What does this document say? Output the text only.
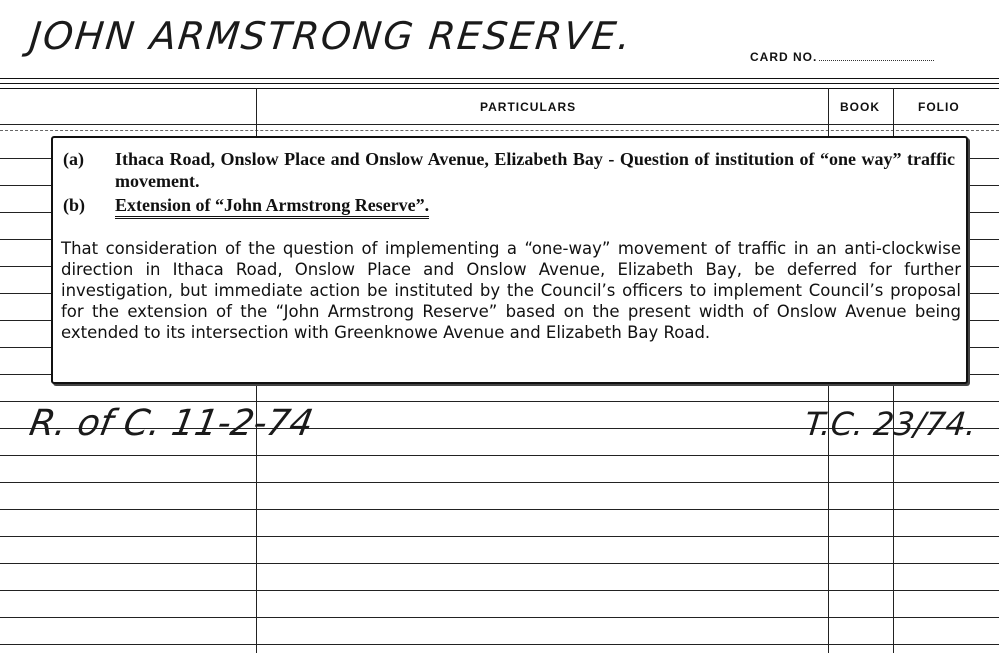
JOHN ARMSTRONG RESERVE.	CARD NO.
PARTICULARS	BOOK	FOLIO
(a) Ithaca Road, Onslow Place and Onslow Avenue, Elizabeth Bay - Question of institution of “one way” traffic movement.
(b) Extension of “John Armstrong Reserve”.
That consideration of the question of implementing a “one-way” movement of traffic in an anti-clockwise direction in Ithaca Road, Onslow Place and Onslow Avenue, Elizabeth Bay, be deferred for further investigation, but immediate action be instituted by the Council’s officers to implement Council’s proposal for the extension of the “John Armstrong Reserve” based on the present width of Onslow Avenue being extended to its intersection with Greenknowe Avenue and Elizabeth Bay Road.
R. of C. 11-2-74	T.C. 23/74.
